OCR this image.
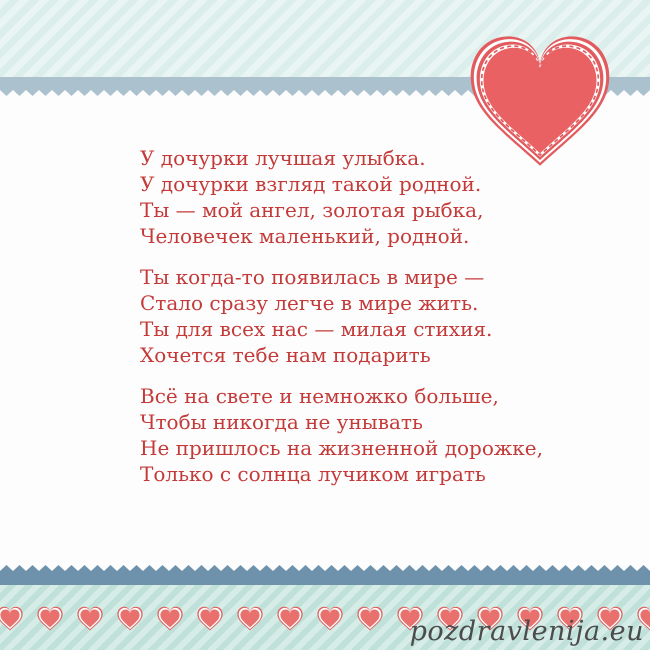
У дочурки лучшая улыбка.
У дочурки взгляд такой родной.
Ты — мой ангел, золотая рыбка,
Человечек маленький, родной.
Ты когда-то появилась в мире —
Стало сразу легче в мире жить.
Ты для всех нас — милая стихия.
Хочется тебе нам подарить
Всё на свете и немножко больше,
Чтобы никогда не унывать
Не пришлось на жизненной дорожке,
Только с солнца лучиком играть
pozdravlenija.eu
